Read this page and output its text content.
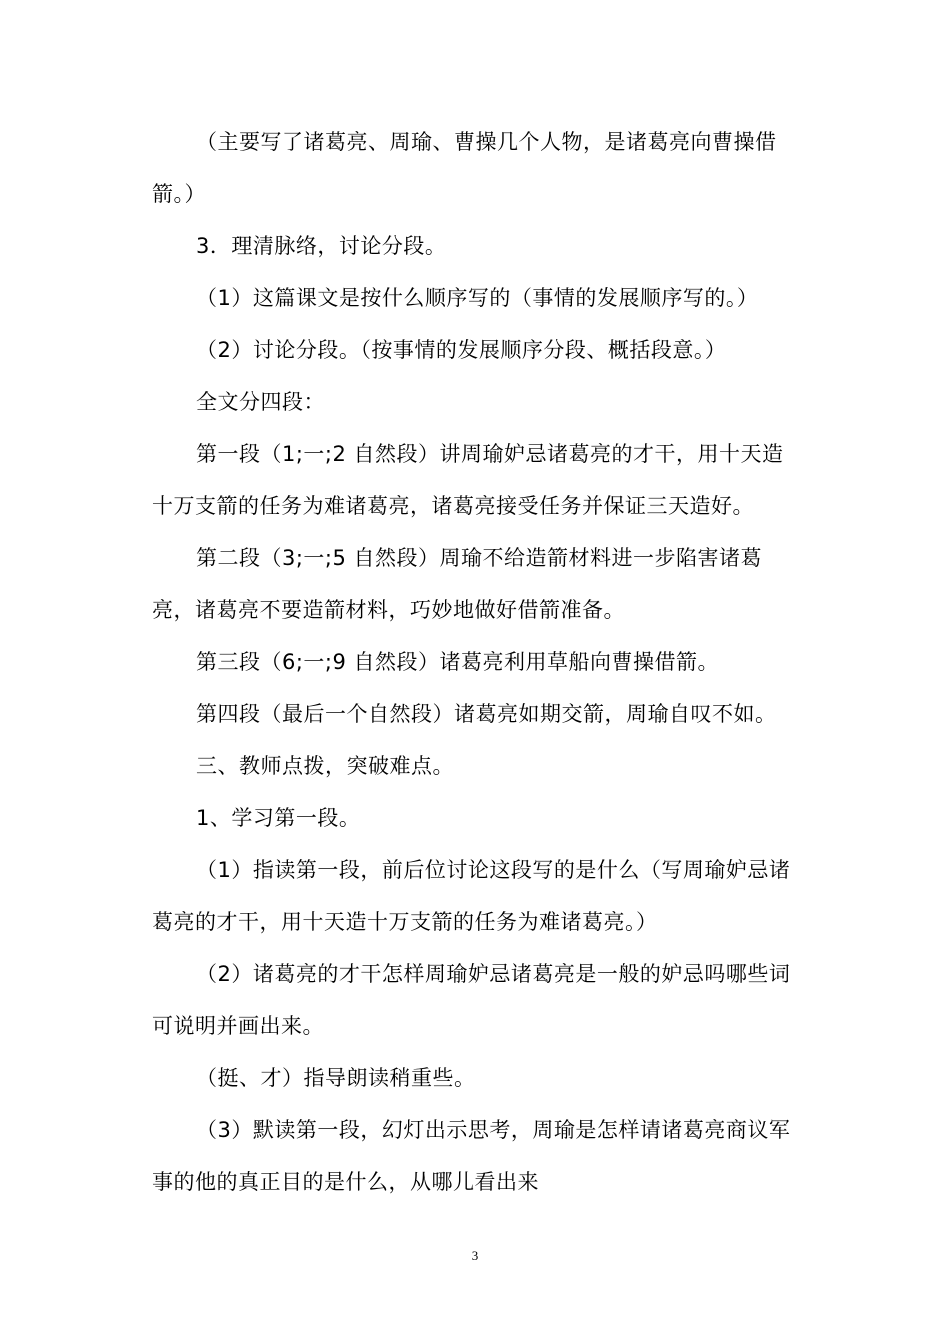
（主要写了诸葛亮、周瑜、曹操几个人物，是诸葛亮向曹操借箭。）

3．理清脉络，讨论分段。

（1）这篇课文是按什么顺序写的（事情的发展顺序写的。）

（2）讨论分段。（按事情的发展顺序分段、概括段意。）

全文分四段：

第一段（1;一;2 自然段）讲周瑜妒忌诸葛亮的才干，用十天造十万支箭的任务为难诸葛亮，诸葛亮接受任务并保证三天造好。

第二段（3;一;5 自然段）周瑜不给造箭材料进一步陷害诸葛亮，诸葛亮不要造箭材料，巧妙地做好借箭准备。

第三段（6;一;9 自然段）诸葛亮利用草船向曹操借箭。

第四段（最后一个自然段）诸葛亮如期交箭，周瑜自叹不如。

三、教师点拨，突破难点。

1、学习第一段。

（1）指读第一段，前后位讨论这段写的是什么（写周瑜妒忌诸葛亮的才干，用十天造十万支箭的任务为难诸葛亮。）

（2）诸葛亮的才干怎样周瑜妒忌诸葛亮是一般的妒忌吗哪些词可说明并画出来。

（挺、才）指导朗读稍重些。

（3）默读第一段，幻灯出示思考，周瑜是怎样请诸葛亮商议军事的他的真正目的是什么，从哪儿看出来

3
